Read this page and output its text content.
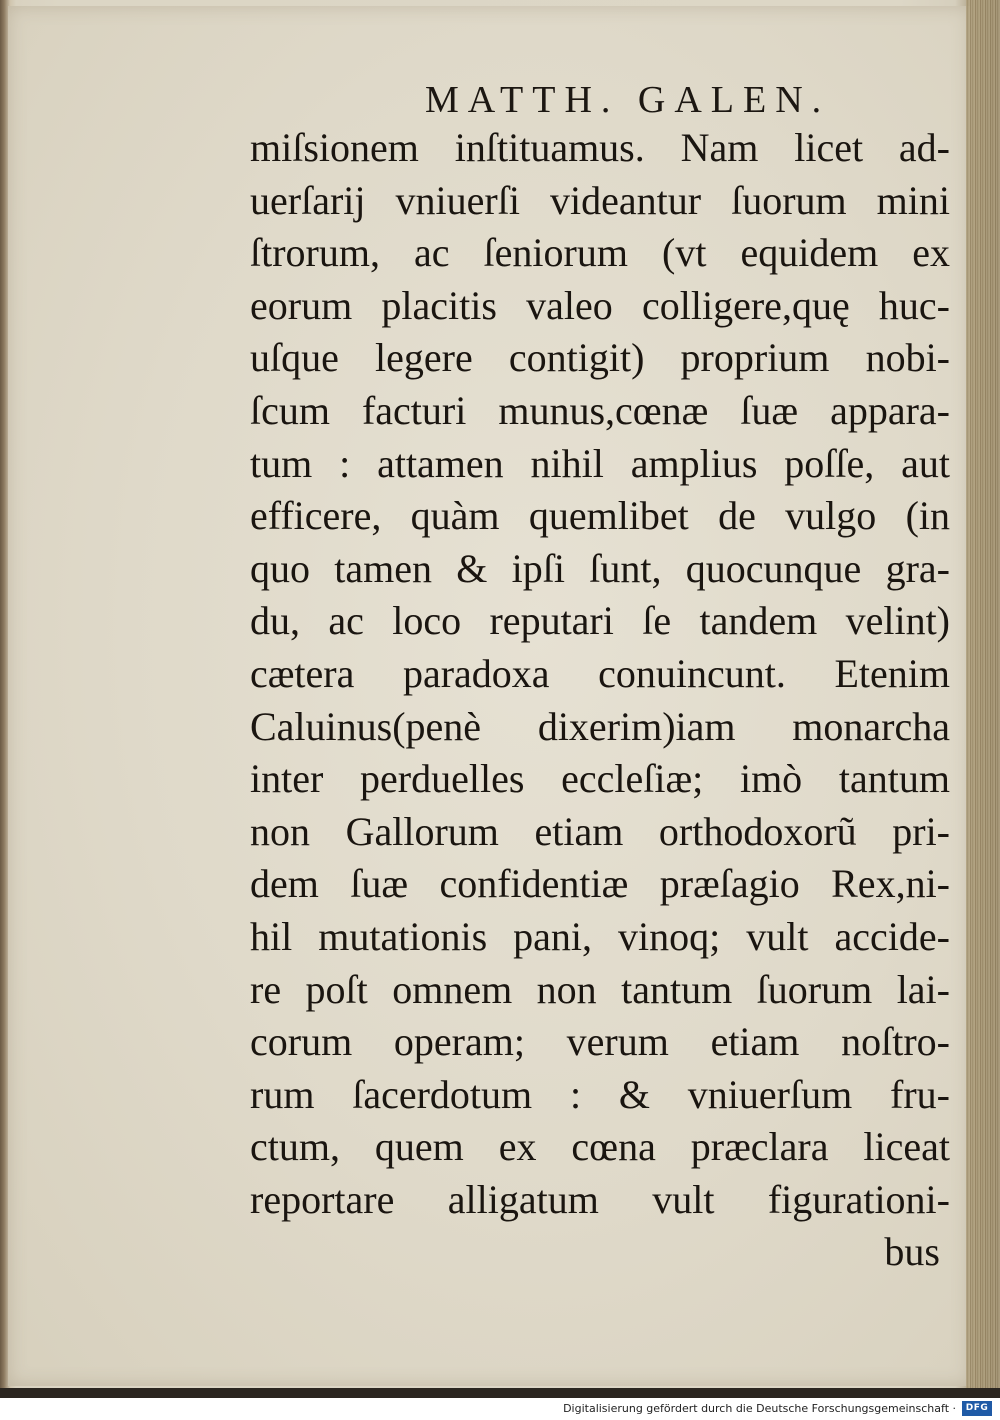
MATTH. GALEN.
miſsionem inſtituamus. Nam licet ad-
uerſarij vniuerſi videantur ſuorum mini
ſtrorum, ac ſeniorum (vt equidem ex
eorum placitis valeo colligere,quę huc-
uſque legere contigit) proprium nobi-
ſcum facturi munus,cœnæ ſuæ appara-
tum : attamen nihil amplius poſſe, aut
efficere, quàm quemlibet de vulgo (in
quo tamen & ipſi ſunt, quocunque gra-
du, ac loco reputari ſe tandem velint)
cætera paradoxa conuincunt. Etenim
Caluinus(penè dixerim)iam monarcha
inter perduelles eccleſiæ; imò tantum
non Gallorum etiam orthodoxorũ pri-
dem ſuæ confidentiæ præſagio Rex,ni-
hil mutationis pani, vinoq; vult accide-
re poſt omnem non tantum ſuorum lai-
corum operam; verum etiam noſtro-
rum ſacerdotum : & vniuerſum fru-
ctum, quem ex cœna præclara liceat
reportare alligatum vult figurationi-
bus
Digitalisierung gefördert durch die Deutsche Forschungsgemeinschaft ·	DFG
